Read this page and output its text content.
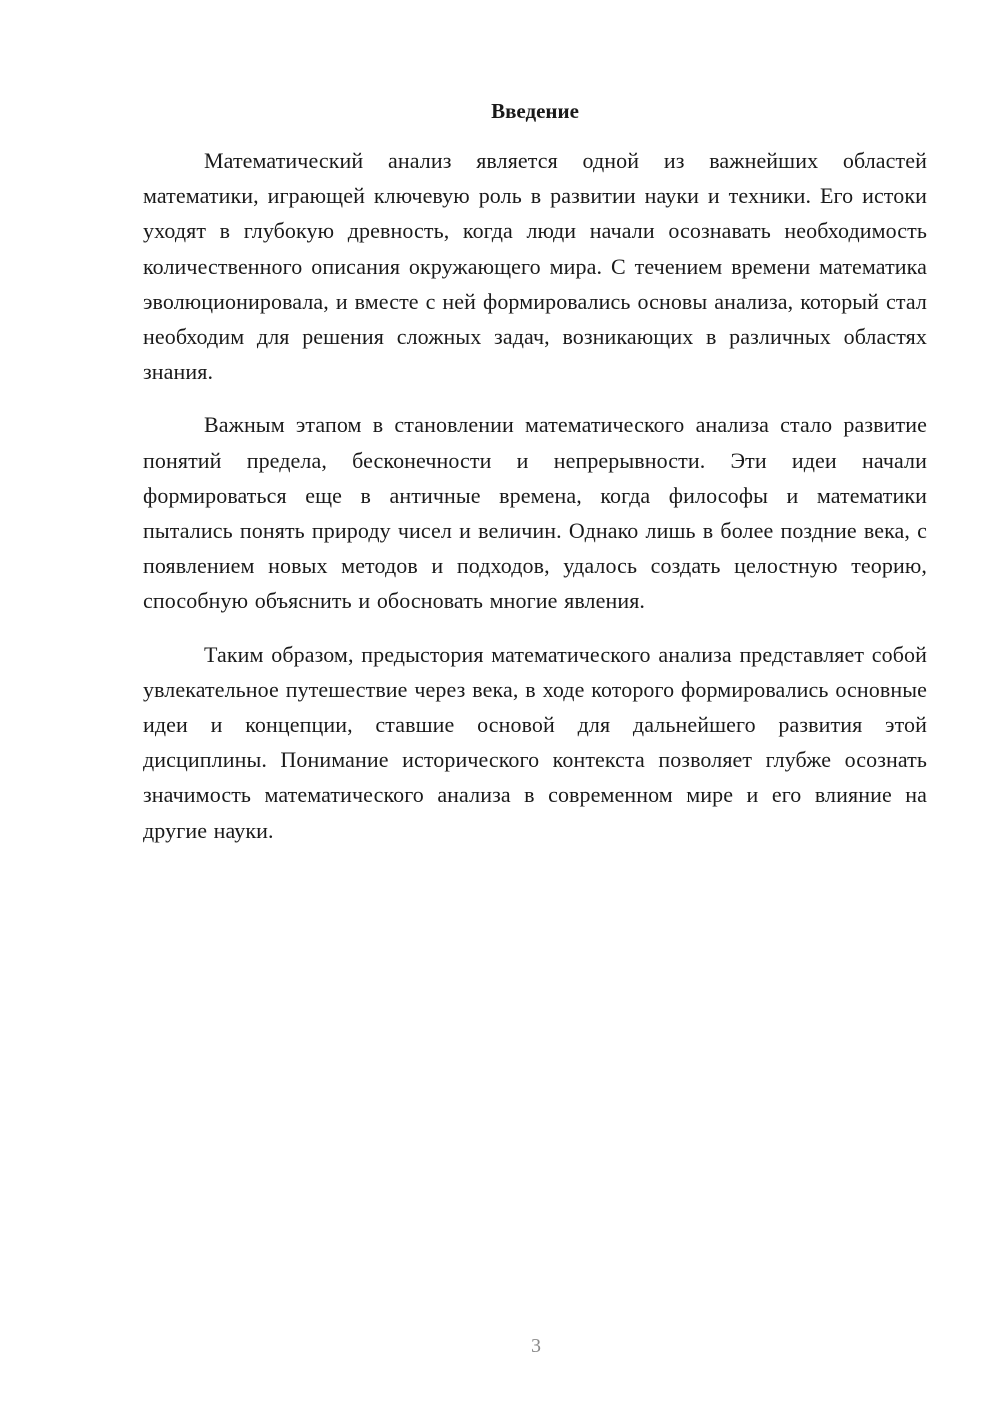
Введение

Математический анализ является одной из важнейших областей математики, играющей ключевую роль в развитии науки и техники. Его истоки уходят в глубокую древность, когда люди начали осознавать необходимость количественного описания окружающего мира. С течением времени математика эволюционировала, и вместе с ней формировались основы анализа, который стал необходим для решения сложных задач, возникающих в различных областях знания.

Важным этапом в становлении математического анализа стало развитие понятий предела, бесконечности и непрерывности. Эти идеи начали формироваться еще в античные времена, когда философы и математики пытались понять природу чисел и величин. Однако лишь в более поздние века, с появлением новых методов и подходов, удалось создать целостную теорию, способную объяснить и обосновать многие явления.

Таким образом, предыстория математического анализа представляет собой увлекательное путешествие через века, в ходе которого формировались основные идеи и концепции, ставшие основой для дальнейшего развития этой дисциплины. Понимание исторического контекста позволяет глубже осознать значимость математического анализа в современном мире и его влияние на другие науки.

3
